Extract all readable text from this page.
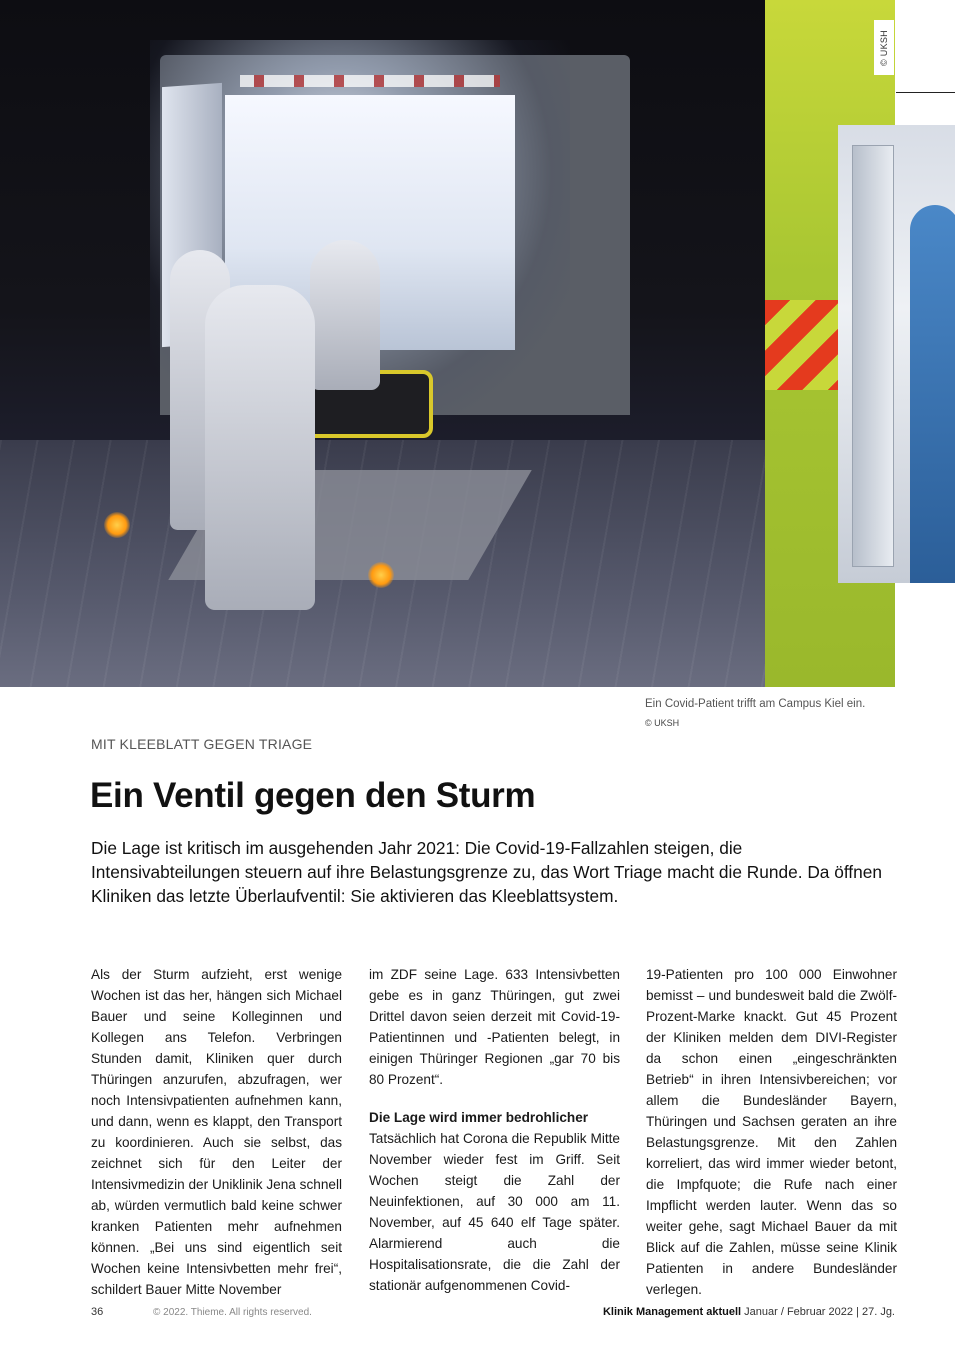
© UKSH
Ein Covid-Patient trifft am Campus Kiel ein.
© UKSH
MIT KLEEBLATT GEGEN TRIAGE
Ein Ventil gegen den Sturm

Die Lage ist kritisch im ausgehenden Jahr 2021: Die Covid-19-Fallzahlen steigen, die Intensivabteilungen steuern auf ihre Belastungsgrenze zu, das Wort Triage macht die Runde. Da öffnen Kliniken das letzte Überlaufventil: Sie aktivieren das Kleeblattsystem.

Als der Sturm aufzieht, erst wenige Wochen ist das her, hängen sich Michael Bauer und seine Kolleginnen und Kollegen ans Telefon. Verbringen Stunden damit, Kliniken quer durch Thüringen anzurufen, abzufragen, wer noch Intensivpatienten aufnehmen kann, und dann, wenn es klappt, den Transport zu koordinieren. Auch sie selbst, das zeichnet sich für den Leiter der Intensivmedizin der Uniklinik Jena schnell ab, würden vermutlich bald keine schwer kranken Patienten mehr aufnehmen können. „Bei uns sind eigentlich seit Wochen keine Intensivbetten mehr frei“, schildert Bauer Mitte November

im ZDF seine Lage. 633 Intensivbetten gebe es in ganz Thüringen, gut zwei Drittel davon seien derzeit mit Covid-19-Patientinnen und -Patienten belegt, in einigen Thüringer Regionen „gar 70 bis 80 Prozent“.

Die Lage wird immer bedrohlicher

Tatsächlich hat Corona die Republik Mitte November wieder fest im Griff. Seit Wochen steigt die Zahl der Neuinfektionen, auf 30 000 am 11. November, auf 45 640 elf Tage später. Alarmierend auch die Hospitalisationsrate, die die Zahl der stationär aufgenommenen Covid-

19-Patienten pro 100 000 Einwohner bemisst – und bundesweit bald die Zwölf-Prozent-Marke knackt. Gut 45 Prozent der Kliniken melden dem DIVI-Register da schon einen „eingeschränkten Betrieb“ in ihren Intensivbereichen; vor allem die Bundesländer Bayern, Thüringen und Sachsen geraten an ihre Belastungsgrenze. Mit den Zahlen korreliert, das wird immer wieder betont, die Impfquote; die Rufe nach einer Impflicht werden lauter. Wenn das so weiter gehe, sagt Michael Bauer da mit Blick auf die Zahlen, müsse seine Klinik Patienten in andere Bundesländer verlegen.

36	© 2022. Thieme. All rights reserved.	Klinik Management aktuell Januar / Februar 2022 | 27. Jg.
